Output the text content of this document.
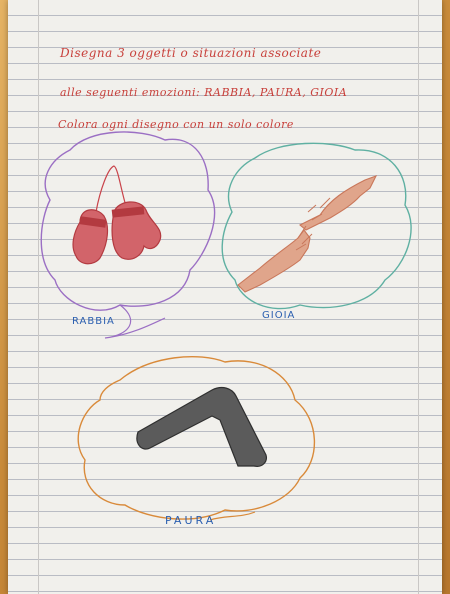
Disegna 3 oggetti o situazioni associate
alle seguenti emozioni: RABBIA, PAURA, GIOIA
Colora ogni disegno con un solo colore
RABBIA
GIOIA
PAURA
